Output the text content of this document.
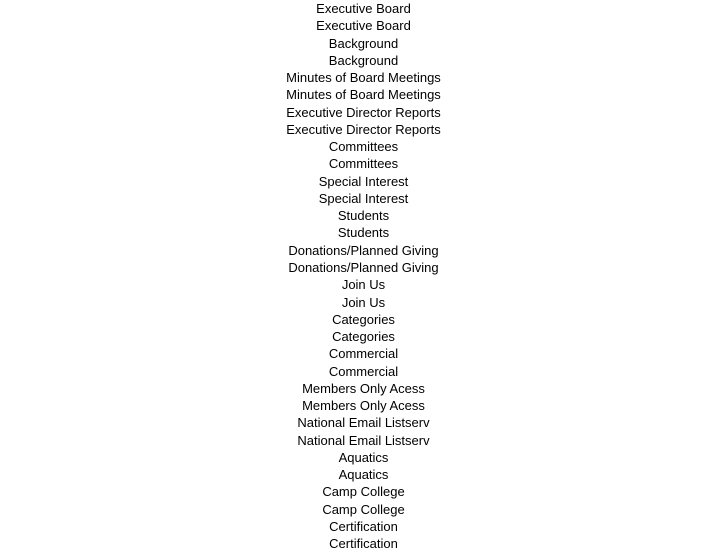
Executive Board
Executive Board
Background
Background
Minutes of Board Meetings
Minutes of Board Meetings
Executive Director Reports
Executive Director Reports
Committees
Committees
Special Interest
Special Interest
Students
Students
Donations/Planned Giving
Donations/Planned Giving
Join Us
Join Us
Categories
Categories
Commercial
Commercial
Members Only Acess
Members Only Acess
National Email Listserv
National Email Listserv
Aquatics
Aquatics
Camp College
Camp College
Certification
Certification
